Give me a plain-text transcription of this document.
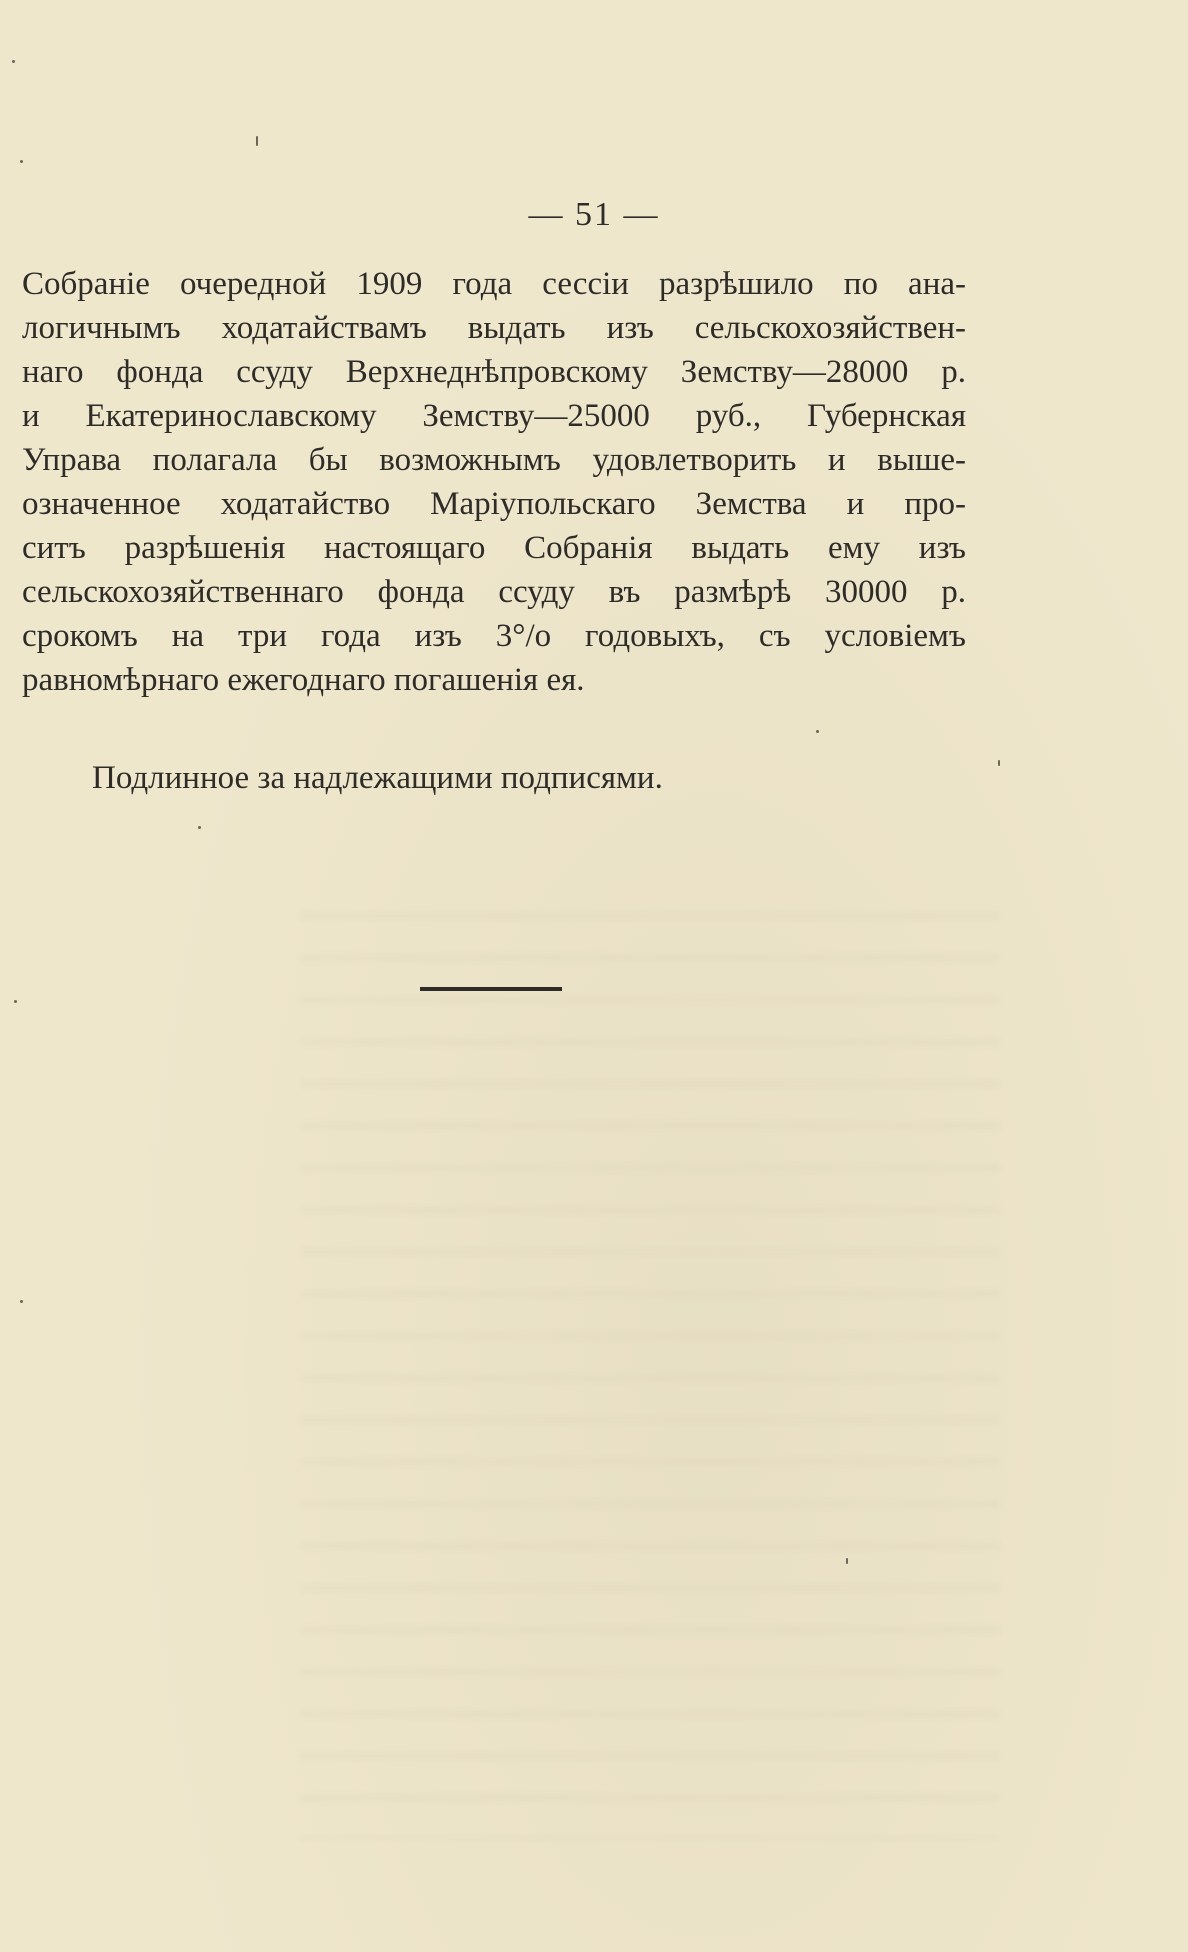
— 51 —
Собраніе очередной 1909 года сессіи разрѣшило по ана-
логичнымъ ходатайствамъ выдать изъ сельскохозяйствен-
наго фонда ссуду Верхнеднѣпровскому Земству—28000 р.
и Екатеринославскому Земству—25000 руб., Губернская
Управа полагала бы возможнымъ удовлетворить и выше-
означенное ходатайство Маріупольскаго Земства и про-
ситъ разрѣшенія настоящаго Собранія выдать ему изъ
сельскохозяйственнаго фонда ссуду въ размѣрѣ 30000 р.
срокомъ на три года изъ 3°/o годовыхъ, съ условіемъ
равномѣрнаго ежегоднаго погашенія ея.
Подлинное за надлежащими подписями.
